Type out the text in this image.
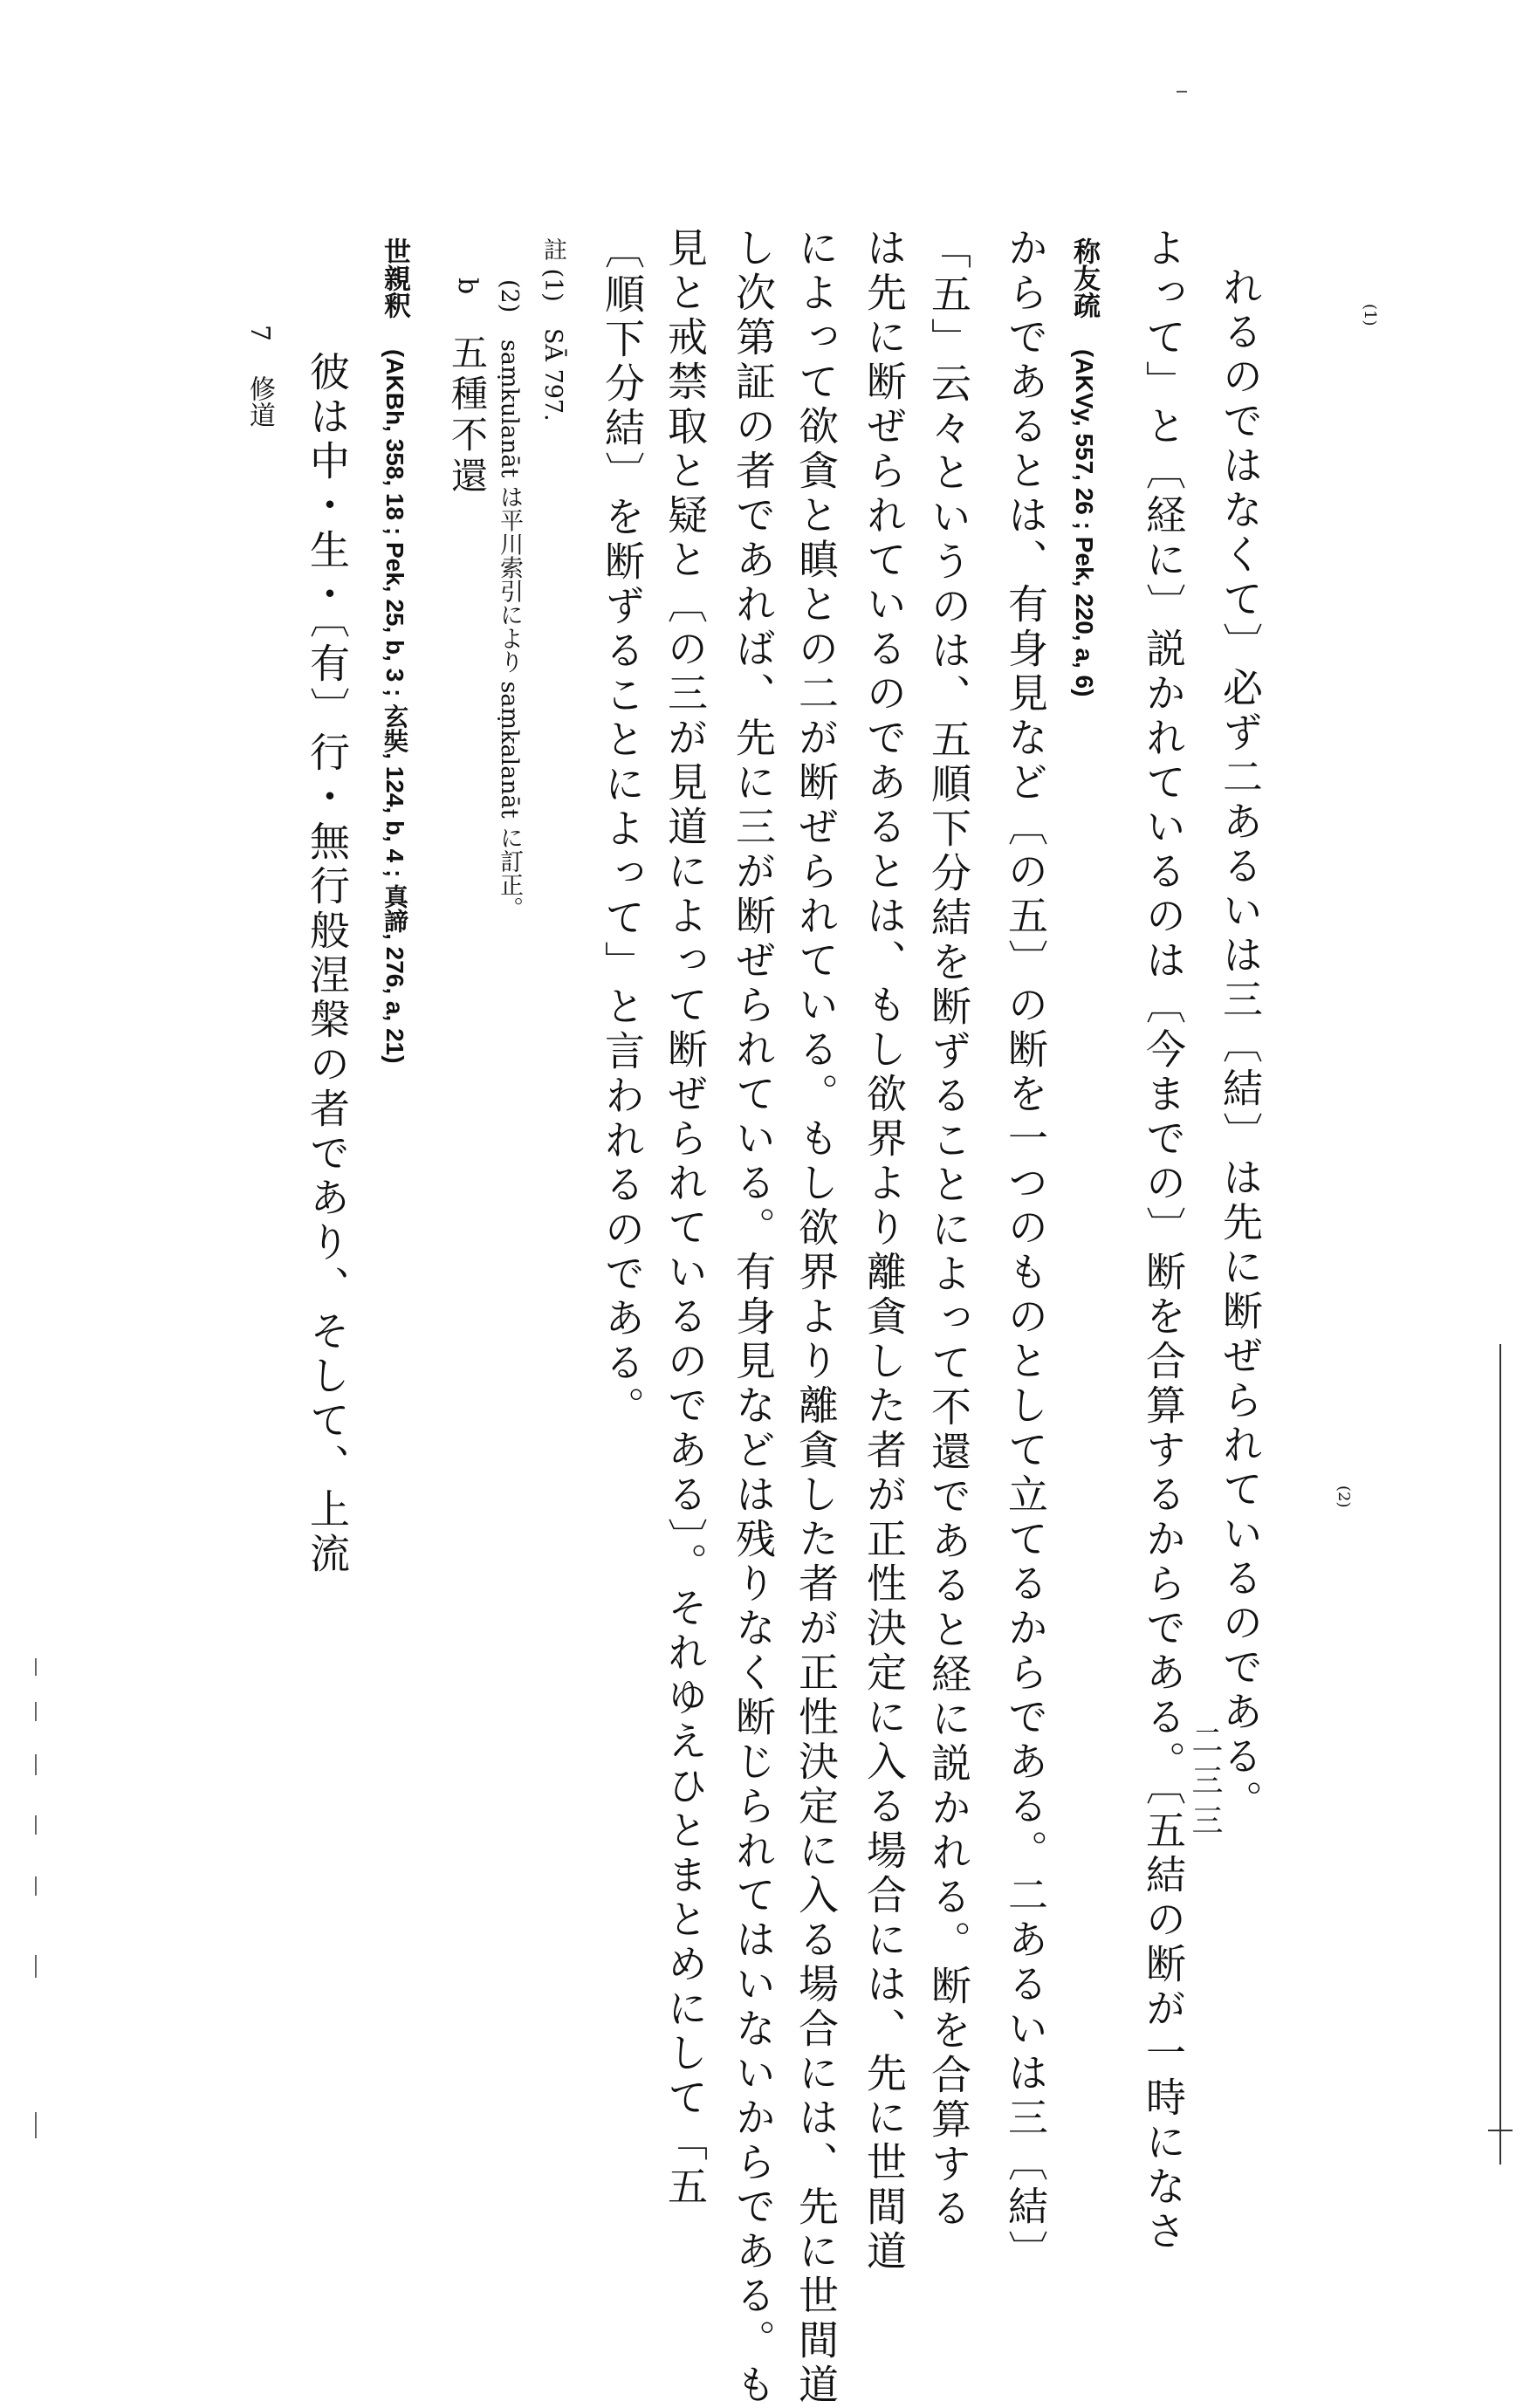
れるのではなくて〕必ず二あるいは三〔結〕は先に断ぜられているのである。
よって」と〔経に〕説かれているのは〔今までの〕断を合算するからである。〔五結の断が一時になさ	(1)
(2)
称友疏 (AKVy, 557, 26 ; Pek, 220, a, 6)
からであるとは、有身見など〔の五〕の断を一つのものとして立てるからである。二あるいは三〔結〕
「五」云々というのは、五順下分結を断ずることによって不還であると経に説かれる。断を合算する
は先に断ぜられているのであるとは、もし欲界より離貪した者が正性決定に入る場合には、先に世間道
によって欲貪と瞋との二が断ぜられている。もし欲界より離貪した者が正性決定に入る場合には、先に世間道
し次第証の者であれば、先に三が断ぜられている。有身見などは残りなく断じられてはいないからである。も
見と戒禁取と疑と〔の三が見道によって断ぜられているのである〕。それゆえひとまとめにして「五
〔順下分結〕を断ずることによって」と言われるのである。
註 (1) SĀ 797.
(2) saṃkulanāt は平川索引により saṃkalanāt に訂正。
b 五種不還
世親釈 (AKBh, 358, 18 ; Pek, 25, b, 3 ; 玄奘, 124, b, 4 ; 真諦, 276, a, 21)
彼は中・生・〔有〕行・無行般涅槃の者であり、そして、上流
7
修道
二三三
